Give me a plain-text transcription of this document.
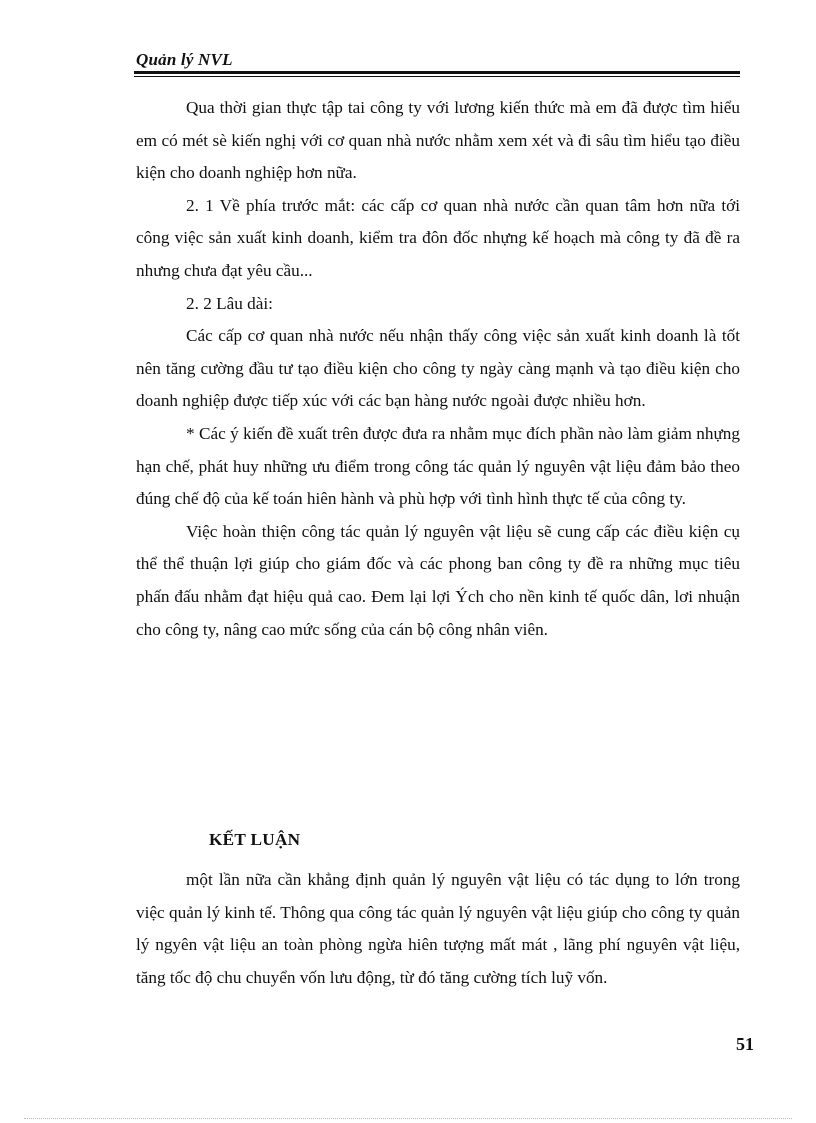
Quản lý NVL

Qua thời gian thực tập tai công ty với lương kiến thức mà em đã được tìm hiểu em có mét sè kiến nghị với cơ quan nhà nước nhằm xem xét và đi sâu tìm hiểu tạo điều kiện cho doanh nghiệp hơn nữa.

2. 1 Về phía trước mắt: các cấp cơ quan nhà nước cần quan tâm hơn nữa tới công việc sản xuất kinh doanh, kiểm tra đôn đốc nhựng kế hoạch mà công ty đã đề ra nhưng chưa đạt yêu cầu...

2. 2 Lâu dài:

Các cấp cơ quan nhà nước nếu nhận thấy công việc sản xuất kinh doanh là tốt nên tăng cường đầu tư tạo điều kiện cho công ty ngày càng mạnh và tạo điều kiện cho doanh nghiệp được tiếp xúc với các bạn hàng nước ngoài được nhiều hơn.

* Các ý kiến đề xuất trên được đưa ra nhằm mục đích phần nào làm giảm nhựng hạn chế, phát huy những ưu điểm trong công tác quản lý nguyên vật liệu đảm bảo theo đúng chế độ của kế toán hiên hành và phù hợp với tình hình thực tế của công ty.

Việc hoàn thiện công tác quản lý nguyên vật liệu sẽ cung cấp các điều kiện cụ thể thể thuận lợi giúp cho giám đốc và các phong ban công ty đề ra những mục tiêu phấn đấu nhằm đạt hiệu quả cao. Đem lại lợi Ých cho nền kinh tế quốc dân, lơi nhuận cho công ty, nâng cao mức sống của cán bộ công nhân viên.

KẾT LUẬN

một lần nữa cần khẳng định quản lý nguyên vật liệu có tác dụng to lớn trong việc quản lý kinh tế. Thông qua công tác quản lý nguyên vật liệu giúp cho công ty quản lý ngyên vật liệu an toàn phòng ngừa hiên tượng mất mát , lãng phí nguyên vật liệu, tăng tốc độ chu chuyển vốn lưu động, từ đó tăng cường tích luỹ vốn.

51
